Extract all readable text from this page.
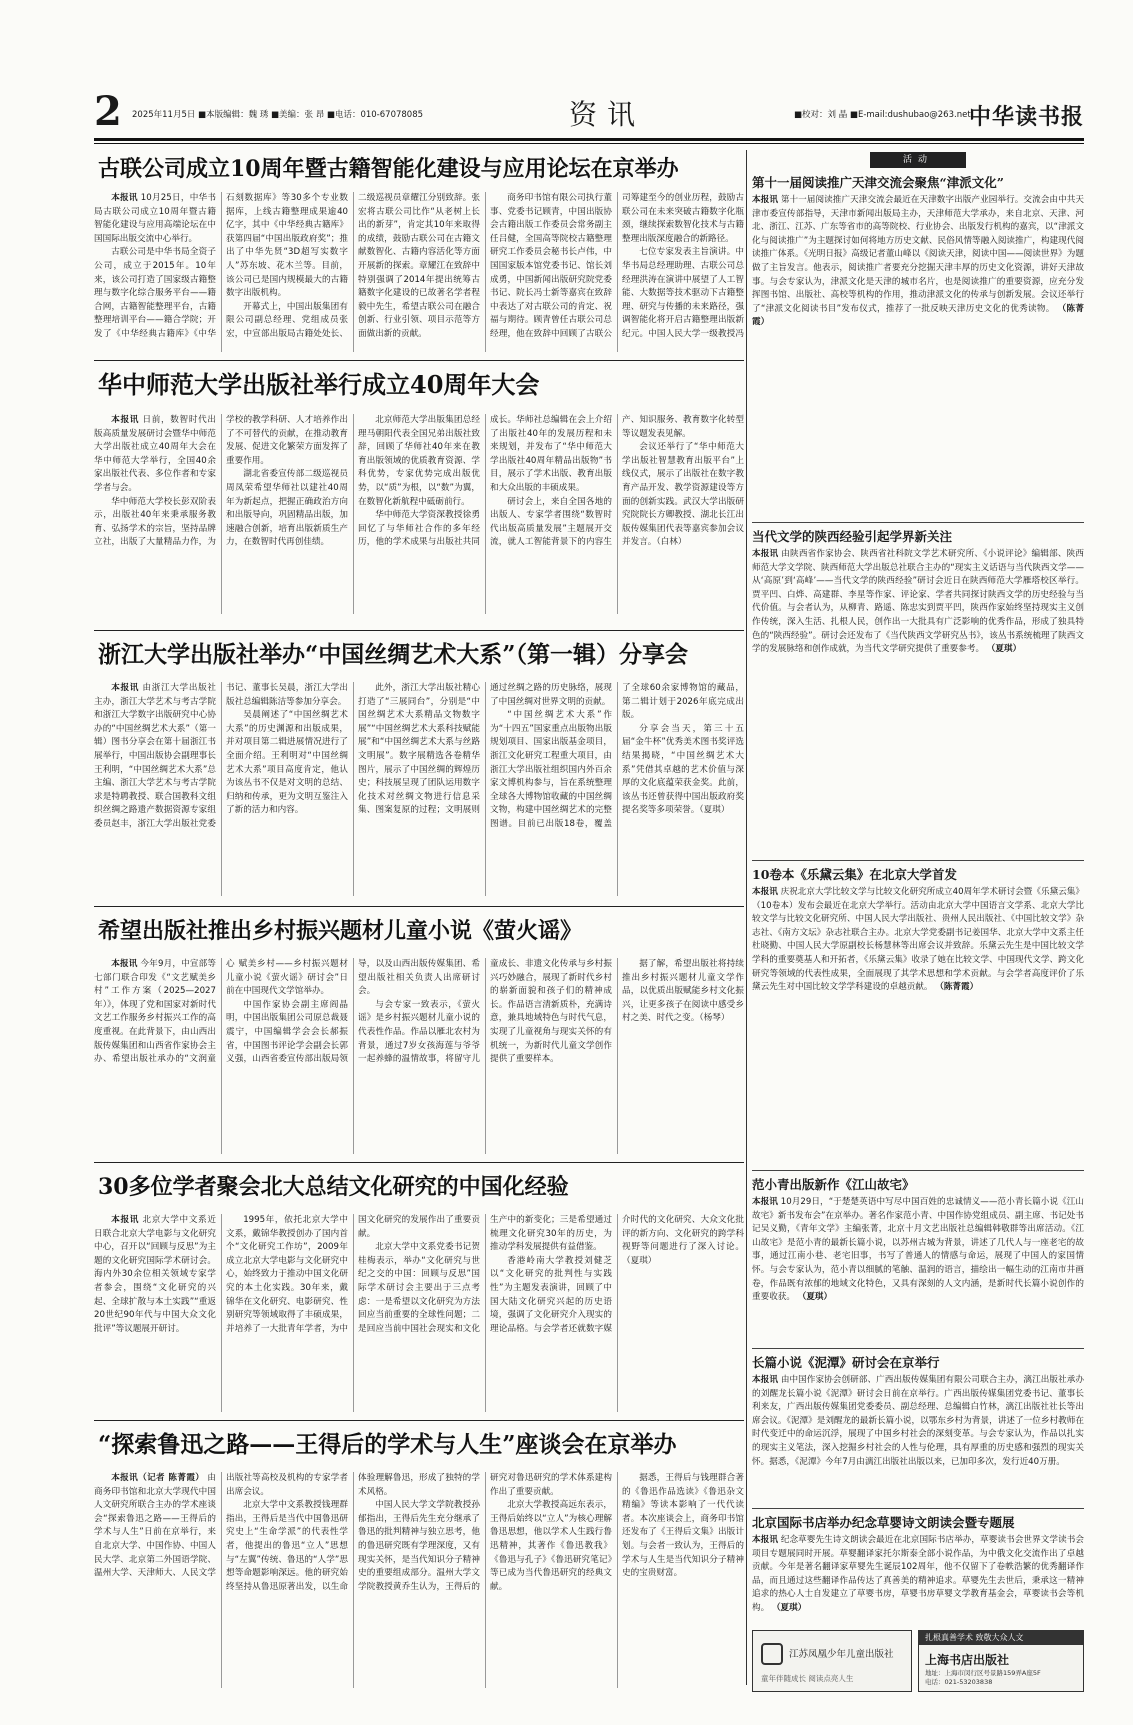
2 2025年11月5日 ■本版编辑：魏 琇 ■美编：张 昂 ■电话：010-67078085	资讯	■校对：刘 晶 ■E-mail:dushubao@263.net
中华读书报
古联公司成立10周年暨古籍智能化建设与应用论坛在京举办

本报讯 10月25日，中华书局古联公司成立10周年暨古籍智能化建设与应用高端论坛在中国国际出版交流中心举行。

古联公司是中华书局全资子公司，成立于2015年。10年来，该公司打造了国家级古籍整理与数字化综合服务平台——籍合网，古籍智能整理平台，古籍整理培训平台——籍合学院；开发了《中华经典古籍库》《中华石刻数据库》等30多个专业数据库，上线古籍整理成果逾40亿字，其中《中华经典古籍库》获第四届“中国出版政府奖”；推出了中华先贤“3D超写实数字人”苏东坡、花木兰等。目前，该公司已是国内规模最大的古籍数字出版机构。

开幕式上，中国出版集团有限公司副总经理、党组成员张宏，中宣部出版局古籍处处长、二级巡视员章耀江分别致辞。张宏将古联公司比作“从老树上长出的新芽”，肯定其10年来取得的成绩，鼓励古联公司在古籍文献数智化、古籍内容活化等方面开展新的探索。章耀江在致辞中特别强调了2014年提出统筹古籍数字化建设的已故著名学者程毅中先生，希望古联公司在融合创新、行业引领、项目示范等方面做出新的贡献。

商务印书馆有限公司执行董事、党委书记顾青，中国出版协会古籍出版工作委员会常务副主任吕健，全国高等院校古籍整理研究工作委员会秘书长卢伟，中国国家版本馆党委书记、馆长刘成勇，中国新闻出版研究院党委书记、院长冯士新等嘉宾在致辞中表达了对古联公司的肯定、祝福与期待。顾青曾任古联公司总经理，他在致辞中回顾了古联公司筹建至今的创业历程，鼓励古联公司在未来突破古籍数字化瓶颈，继续探索数智化技术与古籍整理出版深度融合的新路径。

七位专家发表主旨演讲。中华书局总经理助理、古联公司总经理洪涛在演讲中展望了人工智能、大数据等技术驱动下古籍整理、研究与传播的未来路径，强调智能化将开启古籍整理出版新纪元。中国人民大学一级教授冯

华中师范大学出版社举行成立40周年大会

本报讯 日前，数智时代出版高质量发展研讨会暨华中师范大学出版社成立40周年大会在华中师范大学举行，全国40余家出版社代表、多位作者和专家学者与会。

华中师范大学校长彭双阶表示，出版社40年来秉承服务教育、弘扬学术的宗旨，坚持品牌立社，出版了大量精品力作，为学校的教学科研、人才培养作出了不可替代的贡献，在推动教育发展、促进文化繁荣方面发挥了重要作用。

湖北省委宣传部二级巡视员周凤荣希望华师社以建社40周年为新起点，把握正确政治方向和出版导向，巩固精品出版，加速融合创新，培育出版新质生产力，在数智时代再创佳绩。

北京师范大学出版集团总经理马朝阳代表全国兄弟出版社致辞，回顾了华师社40年来在教育出版领域的优质教育资源、学科优势，专家优势完成出版优势，以“质”为根，以“数”为翼，在数智化新航程中砥砺前行。

华中师范大学资深教授徐勇回忆了与华师社合作的多年经历，他的学术成果与出版社共同成长。华师社总编辑在会上介绍了出版社40年的发展历程和未来规划，并发布了“华中师范大学出版社40周年精品出版物”书目，展示了学术出版、教育出版和大众出版的丰硕成果。

研讨会上，来自全国各地的出版人、专家学者围绕“数智时代出版高质量发展”主题展开交流，就人工智能背景下的内容生产、知识服务、教育数字化转型等议题发表见解。

会议还举行了“华中师范大学出版社智慧教育出版平台”上线仪式，展示了出版社在数字教育产品开发、教学资源建设等方面的创新实践。武汉大学出版研究院院长方卿教授、湖北长江出版传媒集团代表等嘉宾参加会议并发言。（白林）

浙江大学出版社举办“中国丝绸艺术大系”（第一辑）分享会

本报讯 由浙江大学出版社主办，浙江大学艺术与考古学院和浙江大学数字出版研究中心协办的“中国丝绸艺术大系”（第一辑）图书分享会在第十届浙江书展举行，中国出版协会副理事长王利明，“中国丝绸艺术大系”总主编、浙江大学艺术与考古学院求是特聘教授、联合国教科文组织丝绸之路遗产数据资源专家组委员赵丰，浙江大学出版社党委书记、董事长吴晨，浙江大学出版社总编辑陈洁等参加分享会。

吴晨阐述了“中国丝绸艺术大系”的历史渊源和出版成果，并对项目第二辑进展情况进行了全面介绍。王利明对“中国丝绸艺术大系”项目高度肯定，他认为该丛书不仅是对文明的总结、归纳和传承，更为文明互鉴注入了新的活力和内容。

此外，浙江大学出版社精心打造了“三展同台”，分别是“中国丝绸艺术大系精品文物数字展”“中国丝绸艺术大系科技赋能展”和“中国丝绸艺术大系与丝路文明展”。数字展精选各卷精华图片，展示了中国丝绸的辉煌历史；科技展呈现了团队运用数字化技术对丝绸文物进行信息采集、图案复原的过程；文明展则通过丝绸之路的历史脉络，展现了中国丝绸对世界文明的贡献。

“中国丝绸艺术大系”作为“十四五”国家重点出版物出版规划项目、国家出版基金项目，浙江文化研究工程重大项目，由浙江大学出版社组织国内外百余家文博机构参与，旨在系统整理全球各大博物馆收藏的中国丝绸文物，构建中国丝绸艺术的完整图谱。目前已出版18卷，覆盖了全球60余家博物馆的藏品，第二辑计划于2026年底完成出版。

分享会当天，第三十五届“金牛杯”优秀美术图书奖评选结果揭晓，“中国丝绸艺术大系”凭借其卓越的艺术价值与深厚的文化底蕴荣获金奖。此前，该丛书还曾获得中国出版政府奖提名奖等多项荣誉。（夏琪）

希望出版社推出乡村振兴题材儿童小说《萤火谣》

本报讯 今年9月，中宣部等七部门联合印发《“文艺赋美乡村”工作方案（2025—2027年）》，体现了党和国家对新时代文艺工作服务乡村振兴工作的高度重视。在此背景下，由山西出版传媒集团和山西省作家协会主办、希望出版社承办的“文润童心 赋美乡村——乡村振兴题材儿童小说《萤火谣》研讨会”日前在中国现代文学馆举办。

中国作家协会副主席阎晶明，中国出版集团公司原总裁聂震宁，中国编辑学会会长郝振省，中国图书评论学会副会长郭义强，山西省委宣传部出版局领导，以及山西出版传媒集团、希望出版社相关负责人出席研讨会。

与会专家一致表示，《萤火谣》是乡村振兴题材儿童小说的代表性作品。作品以雁北农村为背景，通过7岁女孩海莲与爷爷一起养蜂的温情故事，将留守儿童成长、非遗文化传承与乡村振兴巧妙融合，展现了新时代乡村的崭新面貌和孩子们的精神成长。作品语言清新质朴，充满诗意，兼具地域特色与时代气息，实现了儿童视角与现实关怀的有机统一，为新时代儿童文学创作提供了重要样本。

据了解，希望出版社将持续推出乡村振兴题材儿童文学作品，以优质出版赋能乡村文化振兴，让更多孩子在阅读中感受乡村之美、时代之变。（杨琴）

30多位学者聚会北大总结文化研究的中国化经验

本报讯 北京大学中文系近日联合北京大学电影与文化研究中心，召开以“回顾与反思”为主题的文化研究国际学术研讨会。海内外30余位相关领域专家学者参会，围绕“文化研究的兴起、全球扩散与本土实践”“重返20世纪90年代与中国大众文化批评”等议题展开研讨。

1995年，依托北京大学中文系，戴锦华教授创办了国内首个“文化研究工作坊”，2009年成立北京大学电影与文化研究中心，始终致力于推动中国文化研究的本土化实践。30年来，戴锦华在文化研究、电影研究、性别研究等领域取得了丰硕成果，并培养了一大批青年学者，为中国文化研究的发展作出了重要贡献。

北京大学中文系党委书记贺桂梅表示，举办“文化研究与世纪之交的中国：回顾与反思”国际学术研讨会主要出于三点考虑：一是希望以文化研究为方法回应当前重要的全球性问题；二是回应当前中国社会现实和文化生产中的新变化；三是希望通过梳理文化研究30年的历史，为推动学科发展提供有益借鉴。

香港岭南大学教授刘健芝以“文化研究的批判性与实践性”为主题发表演讲，回顾了中国大陆文化研究兴起的历史语境，强调了文化研究介入现实的理论品格。与会学者还就数字媒介时代的文化研究、大众文化批评的新方向、文化研究的跨学科视野等问题进行了深入讨论。（夏琪）

“探索鲁迅之路——王得后的学术与人生”座谈会在京举办

本报讯（记者 陈菁霞） 由商务印书馆和北京大学现代中国人文研究所联合主办的学术座谈会“探索鲁迅之路——王得后的学术与人生”日前在京举行，来自北京大学、中国作协、中国人民大学、北京第二外国语学院、温州大学、天津师大、人民文学出版社等高校及机构的专家学者出席会议。

北京大学中文系教授钱理群指出，王得后是当代中国鲁迅研究史上“生命学派”的代表性学者，他提出的鲁迅“立人”思想与“左翼”传统、鲁迅的“人学”思想等命题影响深远。他的研究始终坚持从鲁迅原著出发，以生命体验理解鲁迅，形成了独特的学术风格。

中国人民大学文学院教授孙郁指出，王得后先生充分继承了鲁迅的批判精神与独立思考，他的鲁迅研究既有学理深度，又有现实关怀，是当代知识分子精神史的重要组成部分。温州大学文学院教授黄乔生认为，王得后的研究对鲁迅研究的学术体系建构作出了重要贡献。

北京大学教授高远东表示，王得后始终以“立人”为核心理解鲁迅思想，他以学术人生践行鲁迅精神，其著作《鲁迅教我》《鲁迅与孔子》《鲁迅研究笔记》等已成为当代鲁迅研究的经典文献。

据悉，王得后与钱理群合著的《鲁迅作品选读》《鲁迅杂文精编》等读本影响了一代代读者。本次座谈会上，商务印书馆还发布了《王得后文集》出版计划。与会者一致认为，王得后的学术与人生是当代知识分子精神史的宝贵财富。

活动
第十一届阅读推广天津交流会聚焦“津派文化”
本报讯 第十一届阅读推广天津交流会最近在天津数字出版产业园举行。交流会由中共天津市委宣传部指导，天津市新闻出版局主办，天津师范大学承办，来自北京、天津、河北、浙江、江苏、广东等省市的高等院校、行业协会、出版发行机构的嘉宾，以“津派文化与阅读推广”为主题探讨如何将地方历史文献、民俗风情等融入阅读推广，构建现代阅读推广体系。《光明日报》高级记者董山峰以《阅读天津，阅读中国——阅读世界》为题做了主旨发言。他表示，阅读推广者要充分挖掘天津丰厚的历史文化资源，讲好天津故事。与会专家认为，津派文化是天津的城市名片，也是阅读推广的重要资源，应充分发挥图书馆、出版社、高校等机构的作用，推动津派文化的传承与创新发展。会议还举行了“津派文化阅读书目”发布仪式，推荐了一批反映天津历史文化的优秀读物。 （陈菁霞）
当代文学的陕西经验引起学界新关注
本报讯 由陕西省作家协会、陕西省社科院文学艺术研究所、《小说评论》编辑部、陕西师范大学文学院、陕西师范大学出版总社联合主办的“现实主义话语与当代陕西文学——从‘高原’到‘高峰’——当代文学的陕西经验”研讨会近日在陕西师范大学雁塔校区举行。贾平凹、白烨、高建群、李星等作家、评论家、学者共同探讨陕西文学的历史经验与当代价值。与会者认为，从柳青、路遥、陈忠实到贾平凹，陕西作家始终坚持现实主义创作传统，深入生活、扎根人民，创作出一大批具有广泛影响的优秀作品，形成了独具特色的“陕西经验”。研讨会还发布了《当代陕西文学研究丛书》，该丛书系统梳理了陕西文学的发展脉络和创作成就，为当代文学研究提供了重要参考。 （夏琪）
10卷本《乐黛云集》在北京大学首发
本报讯 庆祝北京大学比较文学与比较文化研究所成立40周年学术研讨会暨《乐黛云集》（10卷本）发布会最近在北京大学举行。活动由北京大学中国语言文学系、北京大学比较文学与比较文化研究所、中国人民大学出版社、贵州人民出版社、《中国比较文学》杂志社、《南方文坛》杂志社联合主办。北京大学党委副书记姜国华、北京大学中文系主任杜晓勤、中国人民大学原副校长杨慧林等出席会议并致辞。乐黛云先生是中国比较文学学科的重要奠基人和开拓者，《乐黛云集》收录了她在比较文学、中国现代文学、跨文化研究等领域的代表性成果，全面展现了其学术思想和学术贡献。与会学者高度评价了乐黛云先生对中国比较文学学科建设的卓越贡献。 （陈菁霞）
范小青出版新作《江山故宅》
本报讯 10月29日，“于楚楚英语中写尽中国百姓的忠诚情义——范小青长篇小说《江山故宅》新书发布会”在京举办。著名作家范小青、中国作协党组成员、副主席、书记处书记吴义勤，《青年文学》主编张菁，北京十月文艺出版社总编辑韩敬群等出席活动。《江山故宅》是范小青的最新长篇小说，以苏州古城为背景，讲述了几代人与一座老宅的故事，通过江南小巷、老宅旧事，书写了普通人的情感与命运，展现了中国人的家国情怀。与会专家认为，范小青以细腻的笔触、温润的语言，描绘出一幅生动的江南市井画卷，作品既有浓郁的地域文化特色，又具有深刻的人文内涵，是新时代长篇小说创作的重要收获。 （夏琪）
长篇小说《泥潭》研讨会在京举行
本报讯 由中国作家协会创研部、广西出版传媒集团有限公司联合主办，漓江出版社承办的刘醒龙长篇小说《泥潭》研讨会日前在京举行。广西出版传媒集团党委书记、董事长利来友，广西出版传媒集团党委委员、副总经理、总编辑白竹林，漓江出版社社长等出席会议。《泥潭》是刘醒龙的最新长篇小说，以鄂东乡村为背景，讲述了一位乡村教师在时代变迁中的命运沉浮，展现了中国乡村社会的深刻变革。与会专家认为，作品以扎实的现实主义笔法，深入挖掘乡村社会的人性与伦理，具有厚重的历史感和强烈的现实关怀。据悉，《泥潭》今年7月由漓江出版社出版以来，已加印多次，发行近40万册。
北京国际书店举办纪念草婴诗文朗读会暨专题展
本报讯 纪念草婴先生诗文朗读会最近在北京国际书店举办，草婴读书会世界文学读书会项目专题展同时开展。草婴翻译家托尔斯泰全部小说作品，为中俄文化交流作出了卓越贡献。今年是著名翻译家草婴先生诞辰102周年，他不仅留下了卷帙浩繁的优秀翻译作品，而且通过这些翻译作品传达了真善美的精神追求。草婴先生去世后，秉承这一精神追求的热心人士自发建立了草婴书房，草婴书房草婴文学教育基金会，草婴读书会等机构。 （夏琪）
江苏凤凰少年儿童出版社
童年伴随成长 阅读点亮人生
扎根真善学术 致敬大众人文
上海书店出版社
地址：上海市闵行区号景路159弄A座5F
电话：021-53203838
